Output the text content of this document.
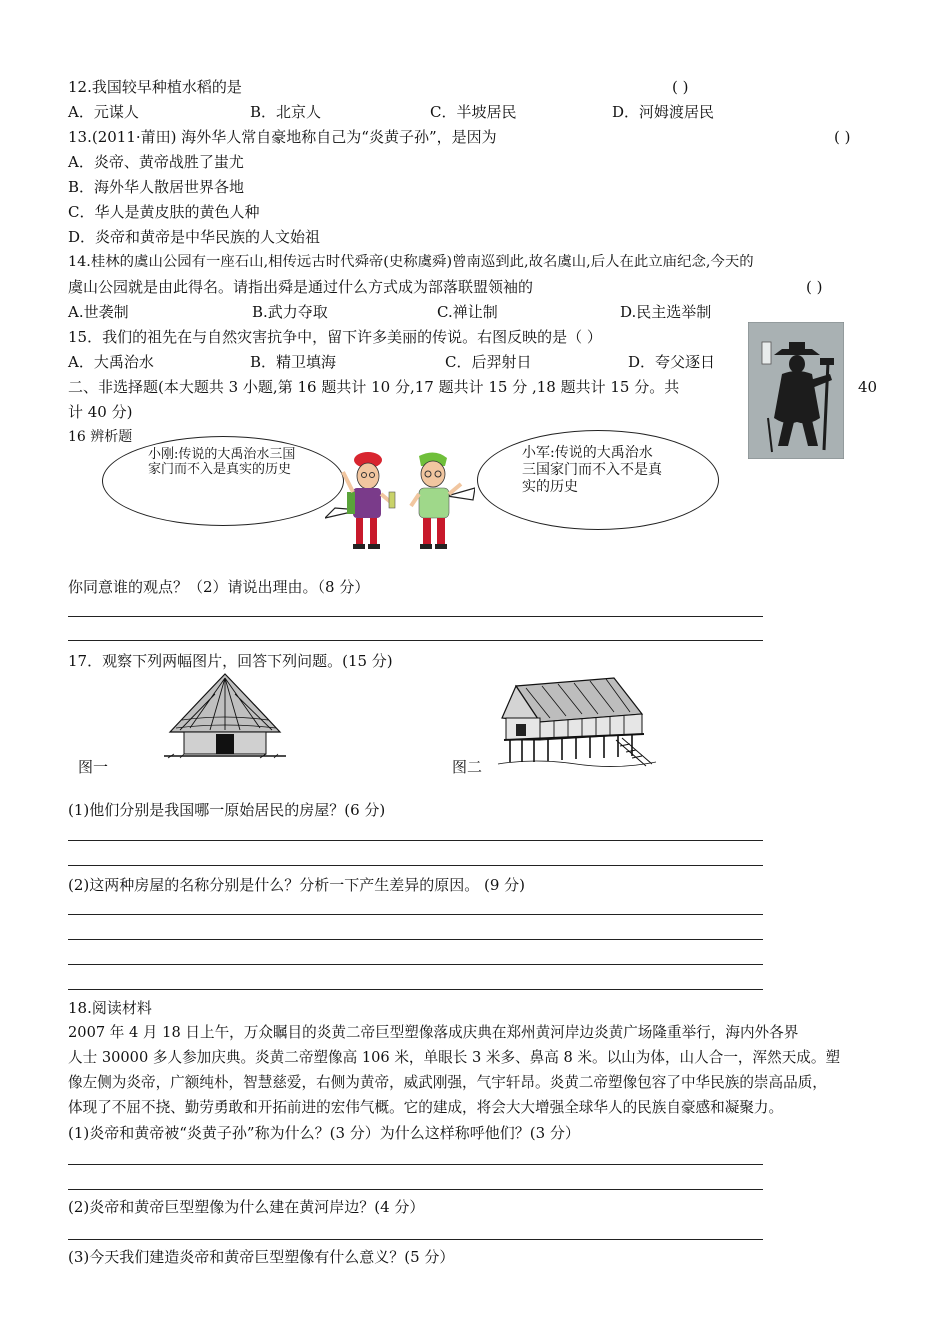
12.我国较早种植水稻的是	( )
A．元谋人	B．北京人	C．半坡居民	D．河姆渡居民
13.(2011·莆田) 海外华人常自豪地称自己为“炎黄子孙”，是因为	( )
A．炎帝、黄帝战胜了蚩尤
B．海外华人散居世界各地
C．华人是黄皮肤的黄色人种
D．炎帝和黄帝是中华民族的人文始祖
14.桂林的虞山公园有一座石山,相传远古时代舜帝(史称虞舜)曾南巡到此,故名虞山,后人在此立庙纪念,今天的
虞山公园就是由此得名。请指出舜是通过什么方式成为部落联盟领袖的	( )
A.世袭制	B.武力夺取	C.禅让制	D.民主选举制
15．我们的祖先在与自然灾害抗争中，留下许多美丽的传说。右图反映的是（ ）
A．大禹治水	B．精卫填海	C．后羿射日	D．夸父逐日
二、非选择题(本大题共 3 小题,第 16 题共计 10 分,17 题共计 15 分 ,18 题共计 15 分。共	40
计 40 分)
16 辨析题
小刚:传说的大禹治水三国家门而不入是真实的历史
小军:传说的大禹治水三国家门而不入不是真实的历史
你同意谁的观点？（2）请说出理由。（8 分）
17．观察下列两幅图片，回答下列问题。(15 分)
图一	图二
(1)他们分别是我国哪一原始居民的房屋？(6 分)
(2)这两种房屋的名称分别是什么？分析一下产生差异的原因。 (9 分)
18.阅读材料
2007 年 4 月 18 日上午，万众瞩目的炎黄二帝巨型塑像落成庆典在郑州黄河岸边炎黄广场隆重举行，海内外各界
人士 30000 多人参加庆典。炎黄二帝塑像高 106 米，单眼长 3 米多、鼻高 8 米。以山为体，山人合一，浑然天成。塑
像左侧为炎帝，广额纯朴，智慧慈爱，右侧为黄帝，威武刚强，气宇轩昂。炎黄二帝塑像包容了中华民族的崇高品质，
体现了不屈不挠、勤劳勇敢和开拓前进的宏伟气概。它的建成，将会大大增强全球华人的民族自豪感和凝聚力。
(1)炎帝和黄帝被“炎黄子孙”称为什么？(3 分）为什么这样称呼他们？(3 分）
(2)炎帝和黄帝巨型塑像为什么建在黄河岸边？(4 分）
(3)今天我们建造炎帝和黄帝巨型塑像有什么意义？(5 分）
